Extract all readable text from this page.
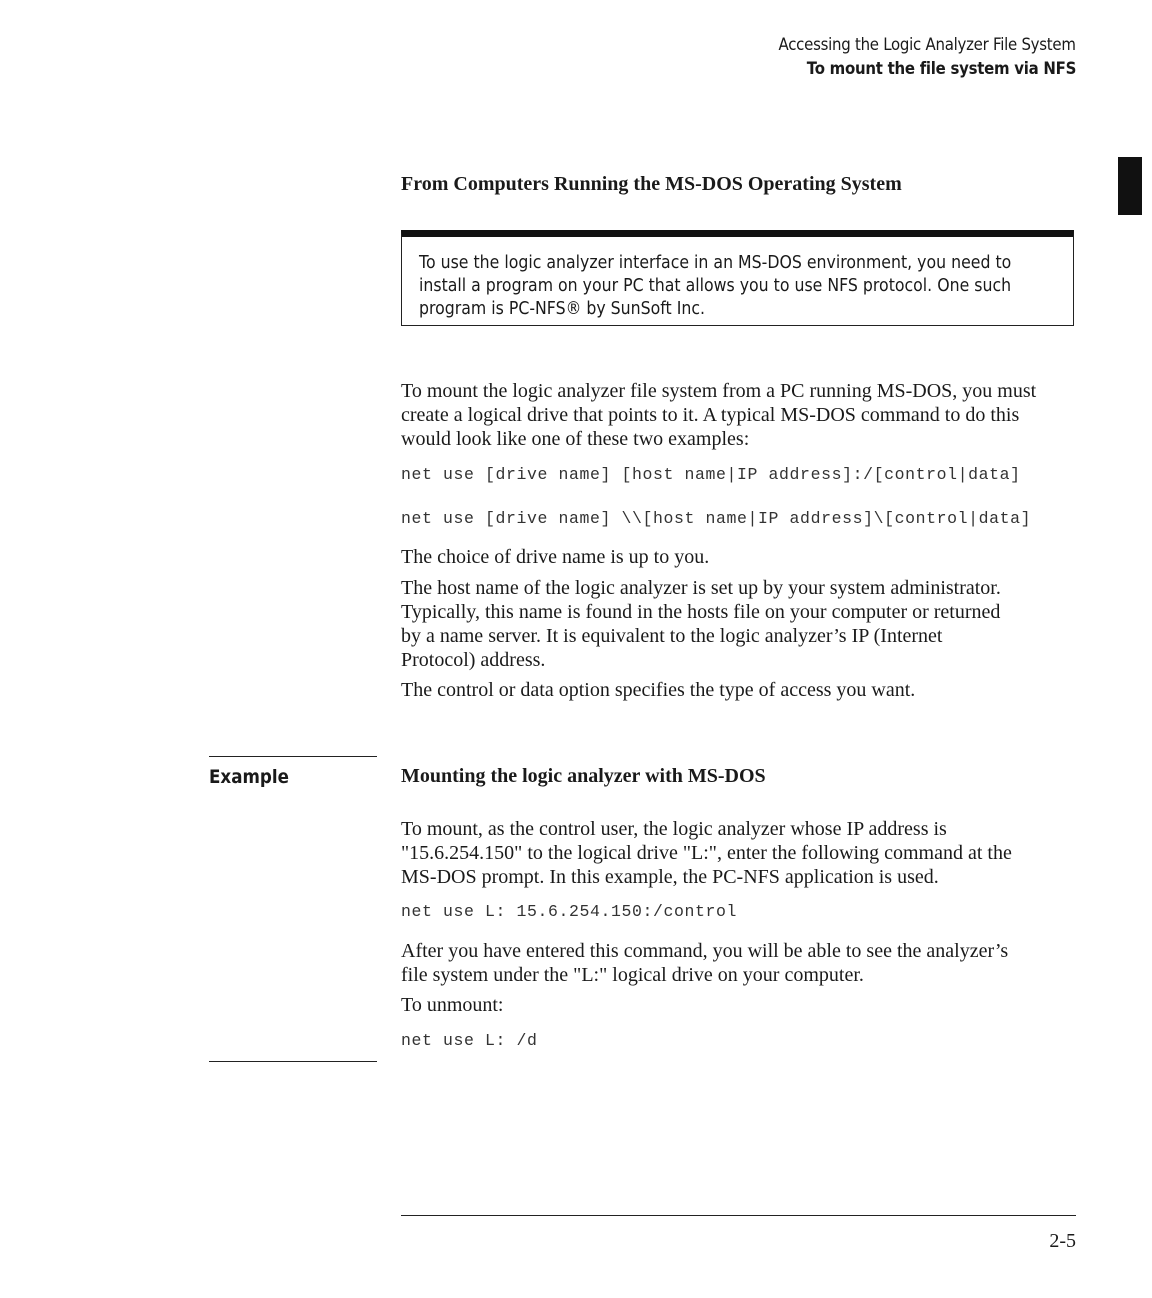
Accessing the Logic Analyzer File System
To mount the file system via NFS
From Computers Running the MS-DOS Operating System
To use the logic analyzer interface in an MS-DOS environment, you need to
install a program on your PC that allows you to use NFS protocol. One such
program is PC-NFS® by SunSoft Inc.
To mount the logic analyzer file system from a PC running MS-DOS, you must
create a logical drive that points to it. A typical MS-DOS command to do this
would look like one of these two examples:
net use [drive name] [host name|IP address]:/[control|data]
net use [drive name] \\[host name|IP address]\[control|data]
The choice of drive name is up to you.
The host name of the logic analyzer is set up by your system administrator.
Typically, this name is found in the hosts file on your computer or returned
by a name server. It is equivalent to the logic analyzer’s IP (Internet
Protocol) address.
The control or data option specifies the type of access you want.
Example	Mounting the logic analyzer with MS-DOS
To mount, as the control user, the logic analyzer whose IP address is
"15.6.254.150" to the logical drive "L:", enter the following command at the
MS-DOS prompt. In this example, the PC-NFS application is used.
net use L: 15.6.254.150:/control
After you have entered this command, you will be able to see the analyzer’s
file system under the "L:" logical drive on your computer.
To unmount:
net use L: /d
2-5
